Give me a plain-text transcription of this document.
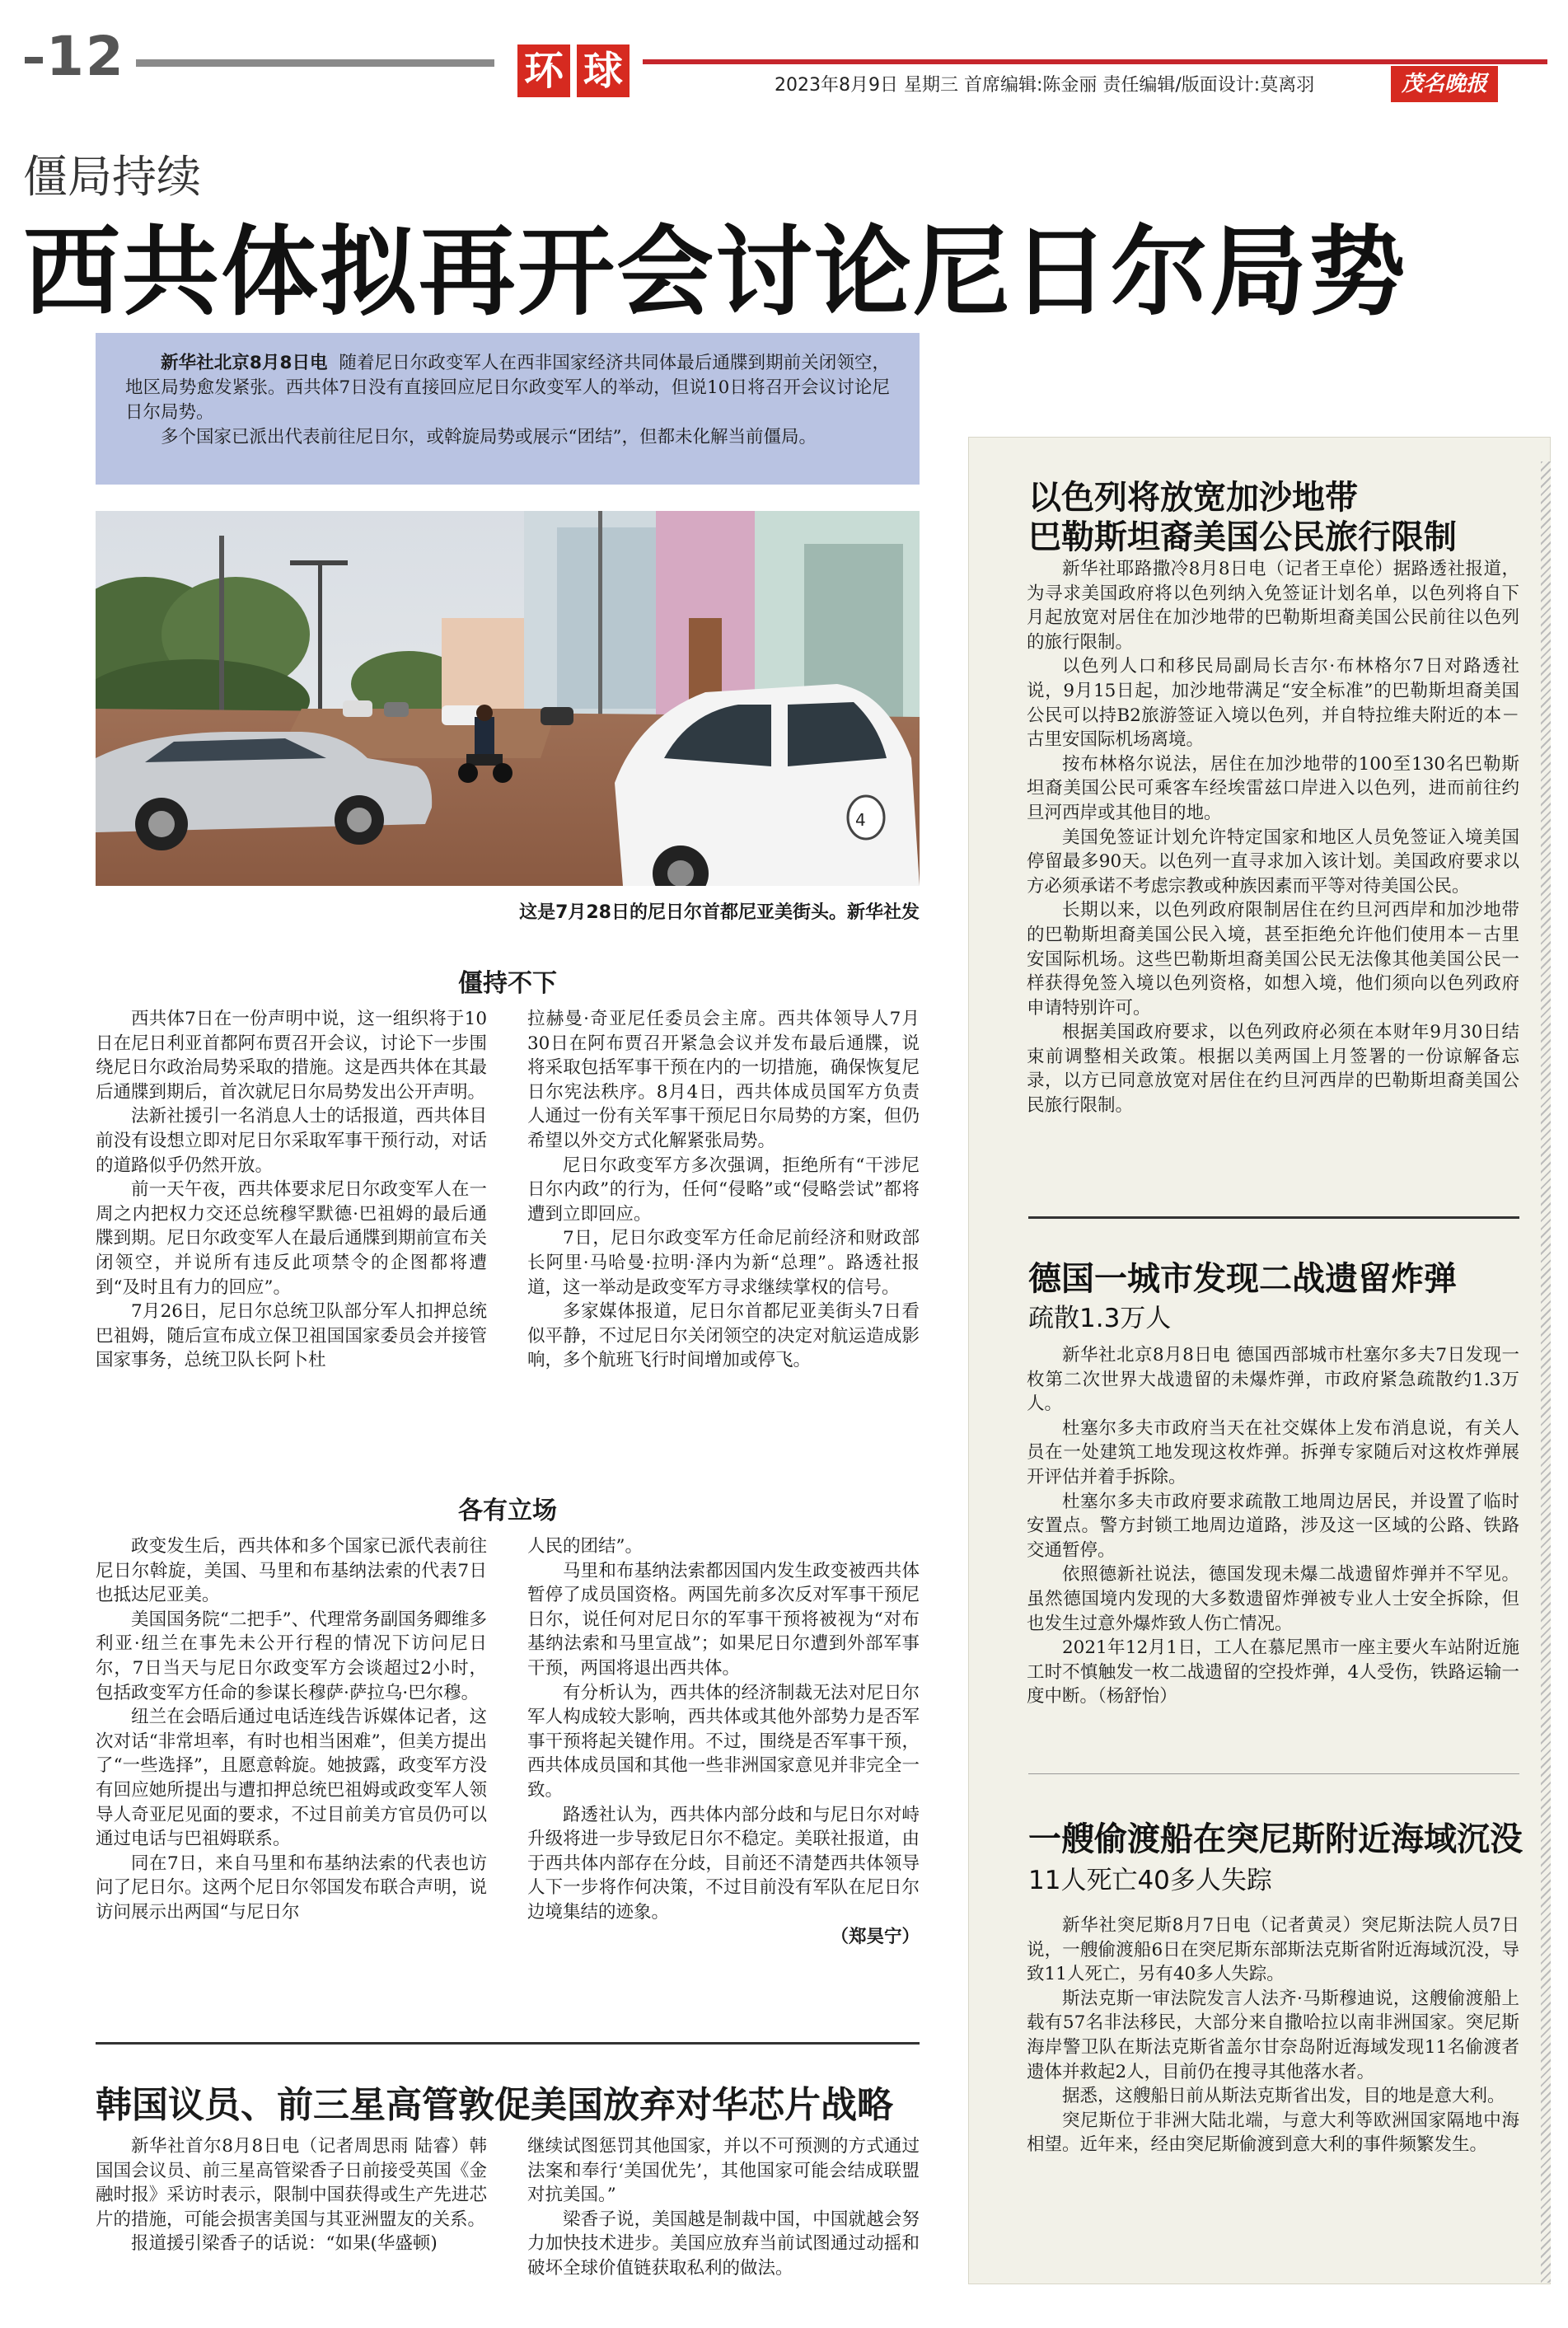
12	环 球	2023年8月9日 星期三 首席编辑:陈金丽 责任编辑/版面设计:莫离羽	茂名晚报
僵局持续
西共体拟再开会讨论尼日尔局势

新华社北京8月8日电 随着尼日尔政变军人在西非国家经济共同体最后通牒到期前关闭领空，地区局势愈发紧张。西共体7日没有直接回应尼日尔政变军人的举动，但说10日将召开会议讨论尼日尔局势。

多个国家已派出代表前往尼日尔，或斡旋局势或展示“团结”，但都未化解当前僵局。

4
这是7月28日的尼日尔首都尼亚美街头。新华社发
僵持不下

西共体7日在一份声明中说，这一组织将于10日在尼日利亚首都阿布贾召开会议，讨论下一步围绕尼日尔政治局势采取的措施。这是西共体在其最后通牒到期后，首次就尼日尔局势发出公开声明。

法新社援引一名消息人士的话报道，西共体目前没有设想立即对尼日尔采取军事干预行动，对话的道路似乎仍然开放。

前一天午夜，西共体要求尼日尔政变军人在一周之内把权力交还总统穆罕默德·巴祖姆的最后通牒到期。尼日尔政变军人在最后通牒到期前宣布关闭领空，并说所有违反此项禁令的企图都将遭到“及时且有力的回应”。

7月26日，尼日尔总统卫队部分军人扣押总统巴祖姆，随后宣布成立保卫祖国国家委员会并接管国家事务，总统卫队长阿卜杜

拉赫曼·奇亚尼任委员会主席。西共体领导人7月30日在阿布贾召开紧急会议并发布最后通牒，说将采取包括军事干预在内的一切措施，确保恢复尼日尔宪法秩序。8月4日，西共体成员国军方负责人通过一份有关军事干预尼日尔局势的方案，但仍希望以外交方式化解紧张局势。

尼日尔政变军方多次强调，拒绝所有“干涉尼日尔内政”的行为，任何“侵略”或“侵略尝试”都将遭到立即回应。

7日，尼日尔政变军方任命尼前经济和财政部长阿里·马哈曼·拉明·泽内为新“总理”。路透社报道，这一举动是政变军方寻求继续掌权的信号。

多家媒体报道，尼日尔首都尼亚美街头7日看似平静，不过尼日尔关闭领空的决定对航运造成影响，多个航班飞行时间增加或停飞。

各有立场

政变发生后，西共体和多个国家已派代表前往尼日尔斡旋，美国、马里和布基纳法索的代表7日也抵达尼亚美。

美国国务院“二把手”、代理常务副国务卿维多利亚·纽兰在事先未公开行程的情况下访问尼日尔，7日当天与尼日尔政变军方会谈超过2小时，包括政变军方任命的参谋长穆萨·萨拉乌·巴尔穆。

纽兰在会晤后通过电话连线告诉媒体记者，这次对话“非常坦率，有时也相当困难”，但美方提出了“一些选择”，且愿意斡旋。她披露，政变军方没有回应她所提出与遭扣押总统巴祖姆或政变军人领导人奇亚尼见面的要求，不过目前美方官员仍可以通过电话与巴祖姆联系。

同在7日，来自马里和布基纳法索的代表也访问了尼日尔。这两个尼日尔邻国发布联合声明，说访问展示出两国“与尼日尔

人民的团结”。

马里和布基纳法索都因国内发生政变被西共体暂停了成员国资格。两国先前多次反对军事干预尼日尔，说任何对尼日尔的军事干预将被视为“对布基纳法索和马里宣战”；如果尼日尔遭到外部军事干预，两国将退出西共体。

有分析认为，西共体的经济制裁无法对尼日尔军人构成较大影响，西共体或其他外部势力是否军事干预将起关键作用。不过，围绕是否军事干预，西共体成员国和其他一些非洲国家意见并非完全一致。

路透社认为，西共体内部分歧和与尼日尔对峙升级将进一步导致尼日尔不稳定。美联社报道，由于西共体内部存在分歧，目前还不清楚西共体领导人下一步将作何决策，不过目前没有军队在尼日尔边境集结的迹象。

（郑昊宁）

韩国议员、前三星高管敦促美国放弃对华芯片战略

新华社首尔8月8日电（记者周思雨 陆睿）韩国国会议员、前三星高管梁香子日前接受英国《金融时报》采访时表示，限制中国获得或生产先进芯片的措施，可能会损害美国与其亚洲盟友的关系。

报道援引梁香子的话说：“如果(华盛顿)

继续试图惩罚其他国家，并以不可预测的方式通过法案和奉行‘美国优先’，其他国家可能会结成联盟对抗美国。”

梁香子说，美国越是制裁中国，中国就越会努力加快技术进步。美国应放弃当前试图通过动摇和破坏全球价值链获取私利的做法。

以色列将放宽加沙地带
巴勒斯坦裔美国公民旅行限制

新华社耶路撒冷8月8日电（记者王卓伦）据路透社报道，为寻求美国政府将以色列纳入免签证计划名单，以色列将自下月起放宽对居住在加沙地带的巴勒斯坦裔美国公民前往以色列的旅行限制。

以色列人口和移民局副局长吉尔·布林格尔7日对路透社说，9月15日起，加沙地带满足“安全标准”的巴勒斯坦裔美国公民可以持B2旅游签证入境以色列，并自特拉维夫附近的本－古里安国际机场离境。

按布林格尔说法，居住在加沙地带的100至130名巴勒斯坦裔美国公民可乘客车经埃雷兹口岸进入以色列，进而前往约旦河西岸或其他目的地。

美国免签证计划允许特定国家和地区人员免签证入境美国停留最多90天。以色列一直寻求加入该计划。美国政府要求以方必须承诺不考虑宗教或种族因素而平等对待美国公民。

长期以来，以色列政府限制居住在约旦河西岸和加沙地带的巴勒斯坦裔美国公民入境，甚至拒绝允许他们使用本－古里安国际机场。这些巴勒斯坦裔美国公民无法像其他美国公民一样获得免签入境以色列资格，如想入境，他们须向以色列政府申请特别许可。

根据美国政府要求，以色列政府必须在本财年9月30日结束前调整相关政策。根据以美两国上月签署的一份谅解备忘录，以方已同意放宽对居住在约旦河西岸的巴勒斯坦裔美国公民旅行限制。

德国一城市发现二战遗留炸弹
疏散1.3万人

新华社北京8月8日电 德国西部城市杜塞尔多夫7日发现一枚第二次世界大战遗留的未爆炸弹，市政府紧急疏散约1.3万人。

杜塞尔多夫市政府当天在社交媒体上发布消息说，有关人员在一处建筑工地发现这枚炸弹。拆弹专家随后对这枚炸弹展开评估并着手拆除。

杜塞尔多夫市政府要求疏散工地周边居民，并设置了临时安置点。警方封锁工地周边道路，涉及这一区域的公路、铁路交通暂停。

依照德新社说法，德国发现未爆二战遗留炸弹并不罕见。虽然德国境内发现的大多数遗留炸弹被专业人士安全拆除，但也发生过意外爆炸致人伤亡情况。

2021年12月1日，工人在慕尼黑市一座主要火车站附近施工时不慎触发一枚二战遗留的空投炸弹，4人受伤，铁路运输一度中断。（杨舒怡）

一艘偷渡船在突尼斯附近海域沉没
11人死亡40多人失踪

新华社突尼斯8月7日电（记者黄灵）突尼斯法院人员7日说，一艘偷渡船6日在突尼斯东部斯法克斯省附近海域沉没，导致11人死亡，另有40多人失踪。

斯法克斯一审法院发言人法齐·马斯穆迪说，这艘偷渡船上载有57名非法移民，大部分来自撒哈拉以南非洲国家。突尼斯海岸警卫队在斯法克斯省盖尔甘奈岛附近海域发现11名偷渡者遗体并救起2人，目前仍在搜寻其他落水者。

据悉，这艘船日前从斯法克斯省出发，目的地是意大利。

突尼斯位于非洲大陆北端，与意大利等欧洲国家隔地中海相望。近年来，经由突尼斯偷渡到意大利的事件频繁发生。
